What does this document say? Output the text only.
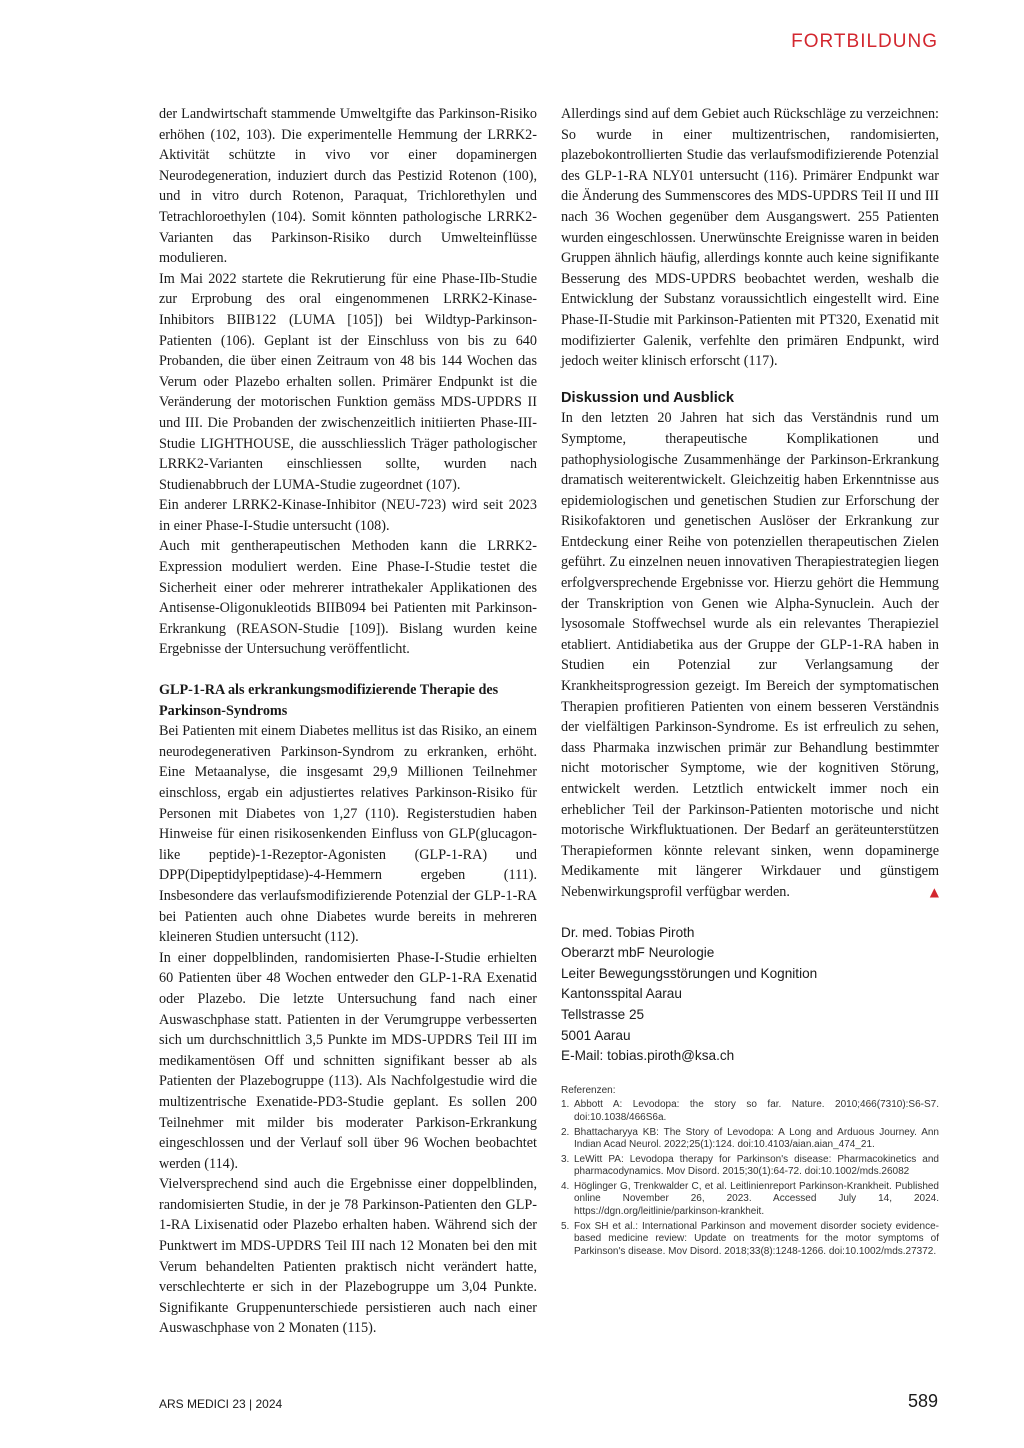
FORTBILDUNG

der Landwirtschaft stammende Umweltgifte das Parkinson-Risiko erhöhen (102, 103). Die experimentelle Hemmung der LRRK2-Aktivität schützte in vivo vor einer dopaminergen Neurodegeneration, induziert durch das Pestizid Rotenon (100), und in vitro durch Rotenon, Paraquat, Trichlorethylen und Tetrachloroethylen (104). Somit könnten pathologische LRRK2-Varianten das Parkinson-Risiko durch Umwelteinflüsse modulieren.

Im Mai 2022 startete die Rekrutierung für eine Phase-IIb-Studie zur Erprobung des oral eingenommenen LRRK2-Kinase-Inhibitors BIIB122 (LUMA [105]) bei Wildtyp-Parkinson-Patienten (106). Geplant ist der Einschluss von bis zu 640 Probanden, die über einen Zeitraum von 48 bis 144 Wochen das Verum oder Plazebo erhalten sollen. Primärer Endpunkt ist die Veränderung der motorischen Funktion gemäss MDS-UPDRS II und III. Die Probanden der zwischenzeitlich initiierten Phase-III-Studie LIGHTHOUSE, die ausschliesslich Träger pathologischer LRRK2-Varianten einschliessen sollte, wurden nach Studienabbruch der LUMA-Studie zugeordnet (107).

Ein anderer LRRK2-Kinase-Inhibitor (NEU-723) wird seit 2023 in einer Phase-I-Studie untersucht (108).

Auch mit gentherapeutischen Methoden kann die LRRK2-Expression moduliert werden. Eine Phase-I-Studie testet die Sicherheit einer oder mehrerer intrathekaler Applikationen des Antisense-Oligonukleotids BIIB094 bei Patienten mit Parkinson-Erkrankung (REASON-Studie [109]). Bislang wurden keine Ergebnisse der Untersuchung veröffentlicht.

GLP-1-RA als erkrankungsmodifizierende Therapie des Parkinson-Syndroms

Bei Patienten mit einem Diabetes mellitus ist das Risiko, an einem neurodegenerativen Parkinson-Syndrom zu erkranken, erhöht. Eine Metaanalyse, die insgesamt 29,9 Millionen Teilnehmer einschloss, ergab ein adjustiertes relatives Parkinson-Risiko für Personen mit Diabetes von 1,27 (110). Registerstudien haben Hinweise für einen risikosenkenden Einfluss von GLP(glucagon-like peptide)-1-Rezeptor-Agonisten (GLP-1-RA) und DPP(Dipeptidylpeptidase)-4-Hemmern ergeben (111). Insbesondere das verlaufsmodifizierende Potenzial der GLP-1-RA bei Patienten auch ohne Diabetes wurde bereits in mehreren kleineren Studien untersucht (112).

In einer doppelblinden, randomisierten Phase-I-Studie erhielten 60 Patienten über 48 Wochen entweder den GLP-1-RA Exenatid oder Plazebo. Die letzte Untersuchung fand nach einer Auswaschphase statt. Patienten in der Verumgruppe verbesserten sich um durchschnittlich 3,5 Punkte im MDS-UPDRS Teil III im medikamentösen Off und schnitten signifikant besser ab als Patienten der Plazebogruppe (113). Als Nachfolgestudie wird die multizentrische Exenatide-PD3-Studie geplant. Es sollen 200 Teilnehmer mit milder bis moderater Parkison-Erkrankung eingeschlossen und der Verlauf soll über 96 Wochen beobachtet werden (114).

Vielversprechend sind auch die Ergebnisse einer doppelblinden, randomisierten Studie, in der je 78 Parkinson-Patienten den GLP-1-RA Lixisenatid oder Plazebo erhalten haben. Während sich der Punktwert im MDS-UPDRS Teil III nach 12 Monaten bei den mit Verum behandelten Patienten praktisch nicht verändert hatte, verschlechterte er sich in der Plazebogruppe um 3,04 Punkte. Signifikante Gruppenunterschiede persistieren auch nach einer Auswaschphase von 2 Monaten (115).

Allerdings sind auf dem Gebiet auch Rückschläge zu verzeichnen: So wurde in einer multizentrischen, randomisierten, plazebokontrollierten Studie das verlaufsmodifizierende Potenzial des GLP-1-RA NLY01 untersucht (116). Primärer Endpunkt war die Änderung des Summenscores des MDS-UPDRS Teil II und III nach 36 Wochen gegenüber dem Ausgangswert. 255 Patienten wurden eingeschlossen. Unerwünschte Ereignisse waren in beiden Gruppen ähnlich häufig, allerdings konnte auch keine signifikante Besserung des MDS-UPDRS beobachtet werden, weshalb die Entwicklung der Substanz voraussichtlich eingestellt wird. Eine Phase-II-Studie mit Parkinson-Patienten mit PT320, Exenatid mit modifizierter Galenik, verfehlte den primären Endpunkt, wird jedoch weiter klinisch erforscht (117).

Diskussion und Ausblick

In den letzten 20 Jahren hat sich das Verständnis rund um Symptome, therapeutische Komplikationen und pathophysiologische Zusammenhänge der Parkinson-Erkrankung dramatisch weiterentwickelt. Gleichzeitig haben Erkenntnisse aus epidemiologischen und genetischen Studien zur Erforschung der Risikofaktoren und genetischen Auslöser der Erkrankung zur Entdeckung einer Reihe von potenziellen therapeutischen Zielen geführt. Zu einzelnen neuen innovativen Therapiestrategien liegen erfolgversprechende Ergebnisse vor. Hierzu gehört die Hemmung der Transkription von Genen wie Alpha-Synuclein. Auch der lysosomale Stoffwechsel wurde als ein relevantes Therapieziel etabliert. Antidiabetika aus der Gruppe der GLP-1-RA haben in Studien ein Potenzial zur Verlangsamung der Krankheitsprogression gezeigt. Im Bereich der symptomatischen Therapien profitieren Patienten von einem besseren Verständnis der vielfältigen Parkinson-Syndrome. Es ist erfreulich zu sehen, dass Pharmaka inzwischen primär zur Behandlung bestimmter nicht motorischer Symptome, wie der kognitiven Störung, entwickelt werden. Letztlich entwickelt immer noch ein erheblicher Teil der Parkinson-Patienten motorische und nicht motorische Wirkfluktuationen. Der Bedarf an geräteunterstützen Therapieformen könnte relevant sinken, wenn dopaminerge Medikamente mit längerer Wirkdauer und günstigem Nebenwirkungsprofil verfügbar werden.	▲

Dr. med. Tobias Piroth
Oberarzt mbF Neurologie
Leiter Bewegungsstörungen und Kognition
Kantonsspital Aarau
Tellstrasse 25
5001 Aarau
E-Mail: tobias.piroth@ksa.ch
Referenzen:
1. Abbott A: Levodopa: the story so far. Nature. 2010;466(7310):S6-S7. doi:10.1038/466S6a.
2. Bhattacharyya KB: The Story of Levodopa: A Long and Arduous Journey. Ann Indian Acad Neurol. 2022;25(1):124. doi:10.4103/aian.aian_474_21.
3. LeWitt PA: Levodopa therapy for Parkinson's disease: Pharmacokinetics and pharmacodynamics. Mov Disord. 2015;30(1):64-72. doi:10.1002/mds.26082
4. Höglinger G, Trenkwalder C, et al. Leitlinienreport Parkinson-Krankheit. Published online November 26, 2023. Accessed July 14, 2024. https://dgn.org/leitlinie/parkinson-krankheit.
5. Fox SH et al.: International Parkinson and movement disorder society evidence-based medicine review: Update on treatments for the motor symptoms of Parkinson's disease. Mov Disord. 2018;33(8):1248-1266. doi:10.1002/mds.27372.
ARS MEDICI 23 | 2024	589
